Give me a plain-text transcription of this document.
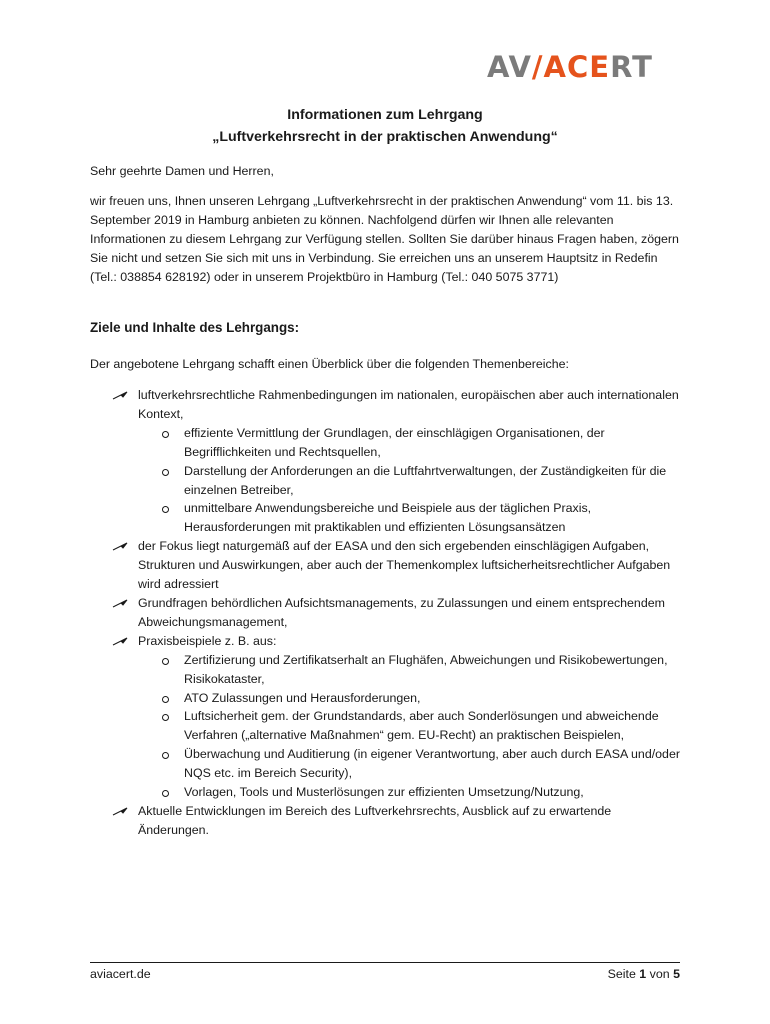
AV/ACERT
Informationen zum Lehrgang
„Luftverkehrsrecht in der praktischen Anwendung“
Sehr geehrte Damen und Herren,
wir freuen uns, Ihnen unseren Lehrgang „Luftverkehrsrecht in der praktischen Anwendung“ vom 11. bis 13. September 2019 in Hamburg anbieten zu können. Nachfolgend dürfen wir Ihnen alle relevanten Informationen zu diesem Lehrgang zur Verfügung stellen. Sollten Sie darüber hinaus Fragen haben, zögern Sie nicht und setzen Sie sich mit uns in Verbindung. Sie erreichen uns an unserem Hauptsitz in Redefin (Tel.: 038854 628192) oder in unserem Projektbüro in Hamburg (Tel.: 040 5075 3771)
Ziele und Inhalte des Lehrgangs:
Der angebotene Lehrgang schafft einen Überblick über die folgenden Themenbereiche:
luftverkehrsrechtliche Rahmenbedingungen im nationalen, europäischen aber auch internationalen Kontext,
effiziente Vermittlung der Grundlagen, der einschlägigen Organisationen, der Begrifflichkeiten und Rechtsquellen,
Darstellung der Anforderungen an die Luftfahrtverwaltungen, der Zuständigkeiten für die einzelnen Betreiber,
unmittelbare Anwendungsbereiche und Beispiele aus der täglichen Praxis, Herausforderungen mit praktikablen und effizienten Lösungsansätzen
der Fokus liegt naturgemäß auf der EASA und den sich ergebenden einschlägigen Aufgaben, Strukturen und Auswirkungen, aber auch der Themenkomplex luftsicherheitsrechtlicher Aufgaben wird adressiert
Grundfragen behördlichen Aufsichtsmanagements, zu Zulassungen und einem entsprechendem Abweichungsmanagement,
Praxisbeispiele z. B. aus:
Zertifizierung und Zertifikatserhalt an Flughäfen, Abweichungen und Risikobewertungen, Risikokataster,
ATO Zulassungen und Herausforderungen,
Luftsicherheit gem. der Grundstandards, aber auch Sonderlösungen und abweichende Verfahren („alternative Maßnahmen“ gem. EU-Recht) an praktischen Beispielen,
Überwachung und Auditierung (in eigener Verantwortung, aber auch durch EASA und/oder NQS etc. im Bereich Security),
Vorlagen, Tools und Musterlösungen zur effizienten Umsetzung/Nutzung,
Aktuelle Entwicklungen im Bereich des Luftverkehrsrechts, Ausblick auf zu erwartende Änderungen.
aviacert.de	Seite 1 von 5
